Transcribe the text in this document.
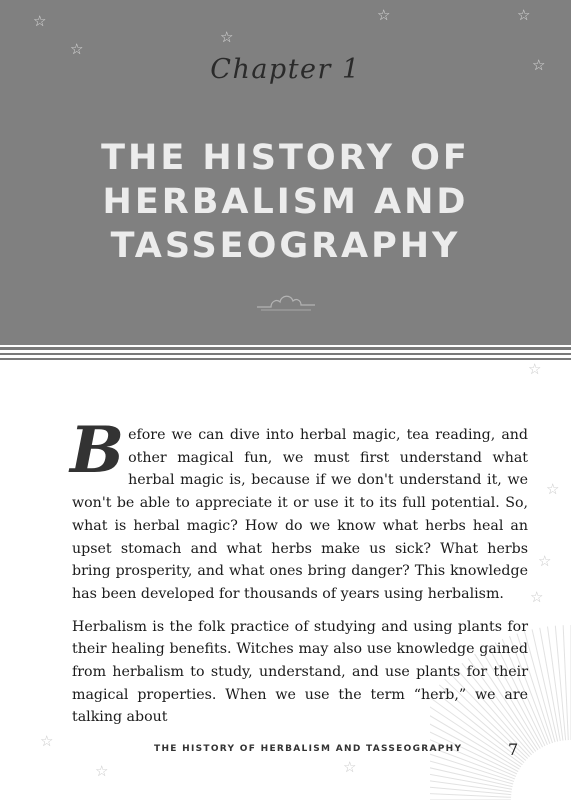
☆
☆
☆
☆	☆
☆
Chapter 1
THE HISTORY OF
HERBALISM AND
TASSEOGRAPHY
☆
☆
☆
☆
☆
☆	☆

Before we can dive into herbal magic, tea reading, and other magical fun, we must first understand what herbal magic is, because if we don't understand it, we won't be able to appreciate it or use it to its full potential. So, what is herbal magic? How do we know what herbs heal an upset stomach and what herbs make us sick? What herbs bring prosperity, and what ones bring danger? This knowledge has been developed for thousands of years using herbalism.

Herbalism is the folk practice of studying and using plants for their healing benefits. Witches may also use knowledge gained from herbalism to study, understand, and use plants for their magical properties. When we use the term “herb,” we are talking about

THE HISTORY OF HERBALISM AND TASSEOGRAPHY	7
